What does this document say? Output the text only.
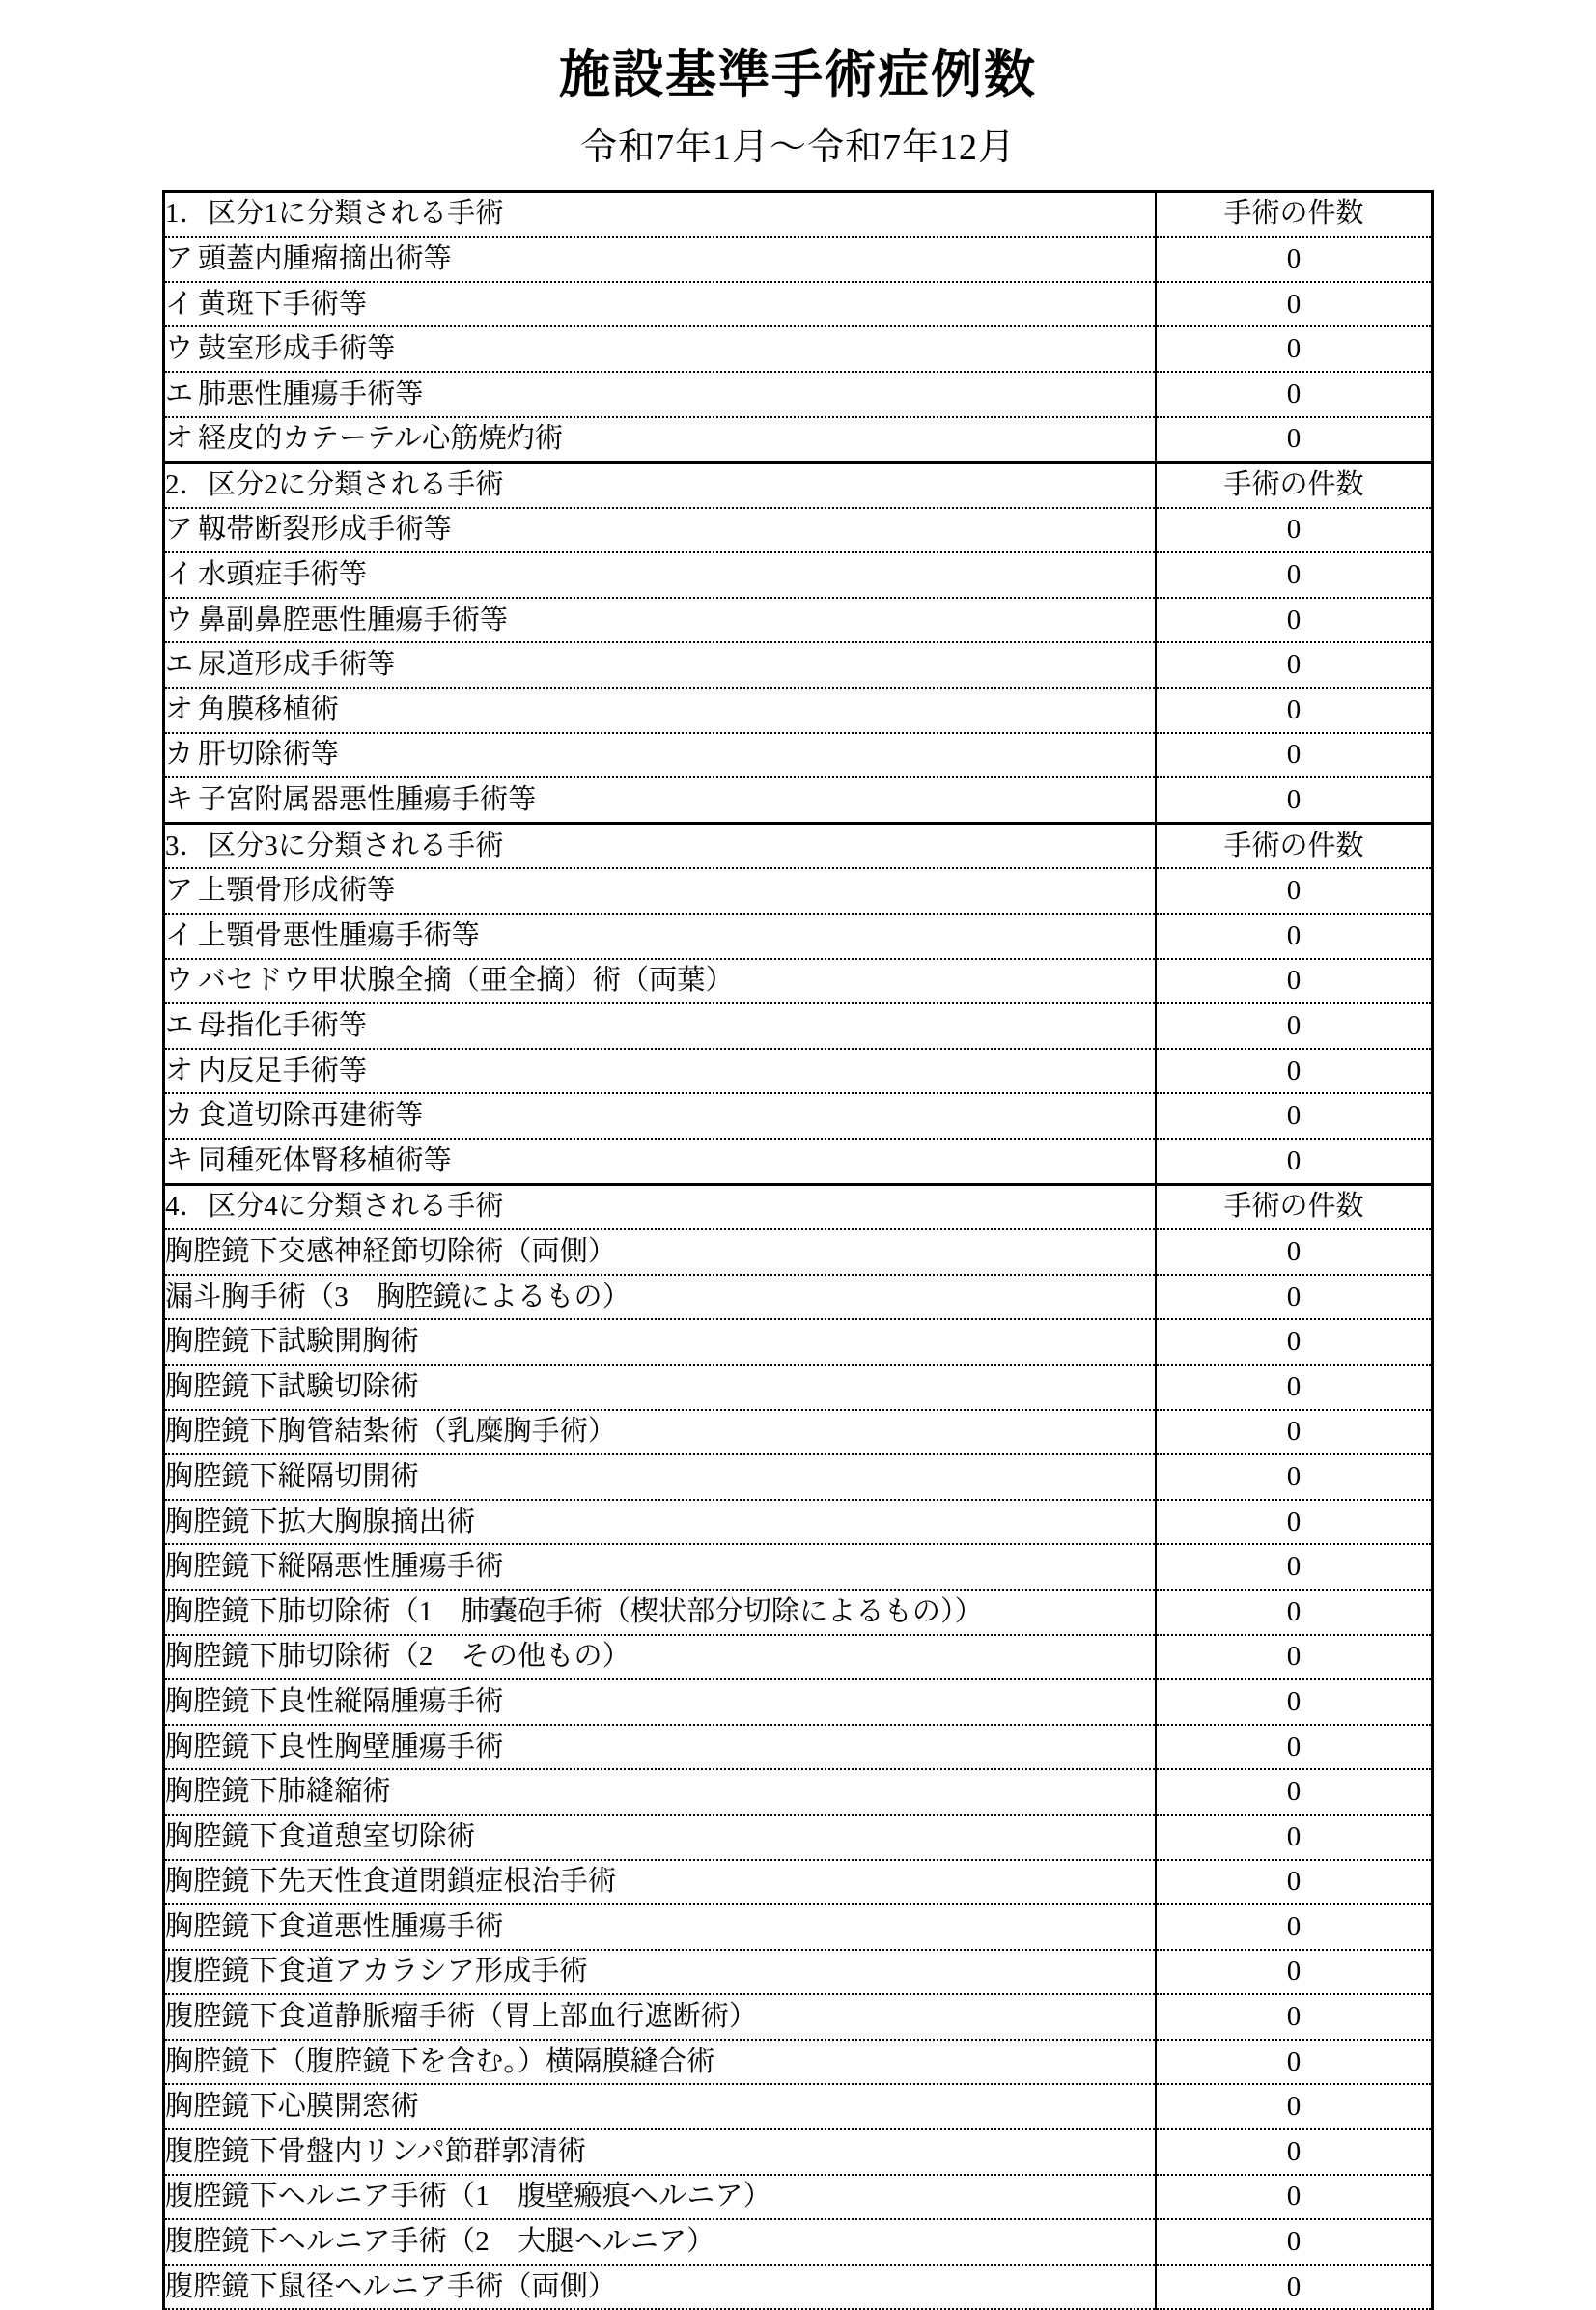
施設基準手術症例数
令和7年1月～令和7年12月
1．区分1に分類される手術	手術の件数
ア 頭蓋内腫瘤摘出術等	0
イ 黄斑下手術等	0
ウ 鼓室形成手術等	0
エ 肺悪性腫瘍手術等	0
オ 経皮的カテーテル心筋焼灼術	0
2．区分2に分類される手術	手術の件数
ア 靱帯断裂形成手術等	0
イ 水頭症手術等	0
ウ 鼻副鼻腔悪性腫瘍手術等	0
エ 尿道形成手術等	0
オ 角膜移植術	0
カ 肝切除術等	0
キ 子宮附属器悪性腫瘍手術等	0
3．区分3に分類される手術	手術の件数
ア 上顎骨形成術等	0
イ 上顎骨悪性腫瘍手術等	0
ウ バセドウ甲状腺全摘（亜全摘）術（両葉）	0
エ 母指化手術等	0
オ 内反足手術等	0
カ 食道切除再建術等	0
キ 同種死体腎移植術等	0
4．区分4に分類される手術	手術の件数
胸腔鏡下交感神経節切除術（両側）	0
漏斗胸手術（3　胸腔鏡によるもの）	0
胸腔鏡下試験開胸術	0
胸腔鏡下試験切除術	0
胸腔鏡下胸管結紮術（乳糜胸手術）	0
胸腔鏡下縦隔切開術	0
胸腔鏡下拡大胸腺摘出術	0
胸腔鏡下縦隔悪性腫瘍手術	0
胸腔鏡下肺切除術（1　肺嚢砲手術（楔状部分切除によるもの））	0
胸腔鏡下肺切除術（2　その他もの）	0
胸腔鏡下良性縦隔腫瘍手術	0
胸腔鏡下良性胸壁腫瘍手術	0
胸腔鏡下肺縫縮術	0
胸腔鏡下食道憩室切除術	0
胸腔鏡下先天性食道閉鎖症根治手術	0
胸腔鏡下食道悪性腫瘍手術	0
腹腔鏡下食道アカラシア形成手術	0
腹腔鏡下食道静脈瘤手術（胃上部血行遮断術）	0
胸腔鏡下（腹腔鏡下を含む。）横隔膜縫合術	0
胸腔鏡下心膜開窓術	0
腹腔鏡下骨盤内リンパ節群郭清術	0
腹腔鏡下ヘルニア手術（1　腹壁瘢痕ヘルニア）	0
腹腔鏡下ヘルニア手術（2　大腿ヘルニア）	0
腹腔鏡下鼠径ヘルニア手術（両側）	0
